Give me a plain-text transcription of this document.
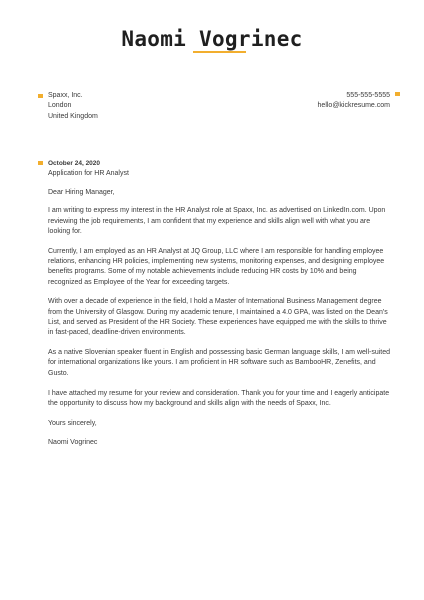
Naomi Vogrinec
Spaxx, Inc.
London
United Kingdom
555-555-5555
hello@kickresume.com
October 24, 2020
Application for HR Analyst
Dear Hiring Manager,

I am writing to express my interest in the HR Analyst role at Spaxx, Inc. as advertised on LinkedIn.com. Upon reviewing the job requirements, I am confident that my experience and skills align well with what you are looking for.

Currently, I am employed as an HR Analyst at JQ Group, LLC where I am responsible for handling employee relations, enhancing HR policies, implementing new systems, monitoring expenses, and designing employee benefits programs. Some of my notable achievements include reducing HR costs by 10% and being recognized as Employee of the Year for exceeding targets.

With over a decade of experience in the field, I hold a Master of International Business Management degree from the University of Glasgow. During my academic tenure, I maintained a 4.0 GPA, was listed on the Dean's List, and served as President of the HR Society. These experiences have equipped me with the skills to thrive in fast-paced, deadline-driven environments.

As a native Slovenian speaker fluent in English and possessing basic German language skills, I am well-suited for international organizations like yours. I am proficient in HR software such as BambooHR, Zenefits, and Gusto.

I have attached my resume for your review and consideration. Thank you for your time and I eagerly anticipate the opportunity to discuss how my background and skills align with the needs of Spaxx, Inc.

Yours sincerely,

Naomi Vogrinec
